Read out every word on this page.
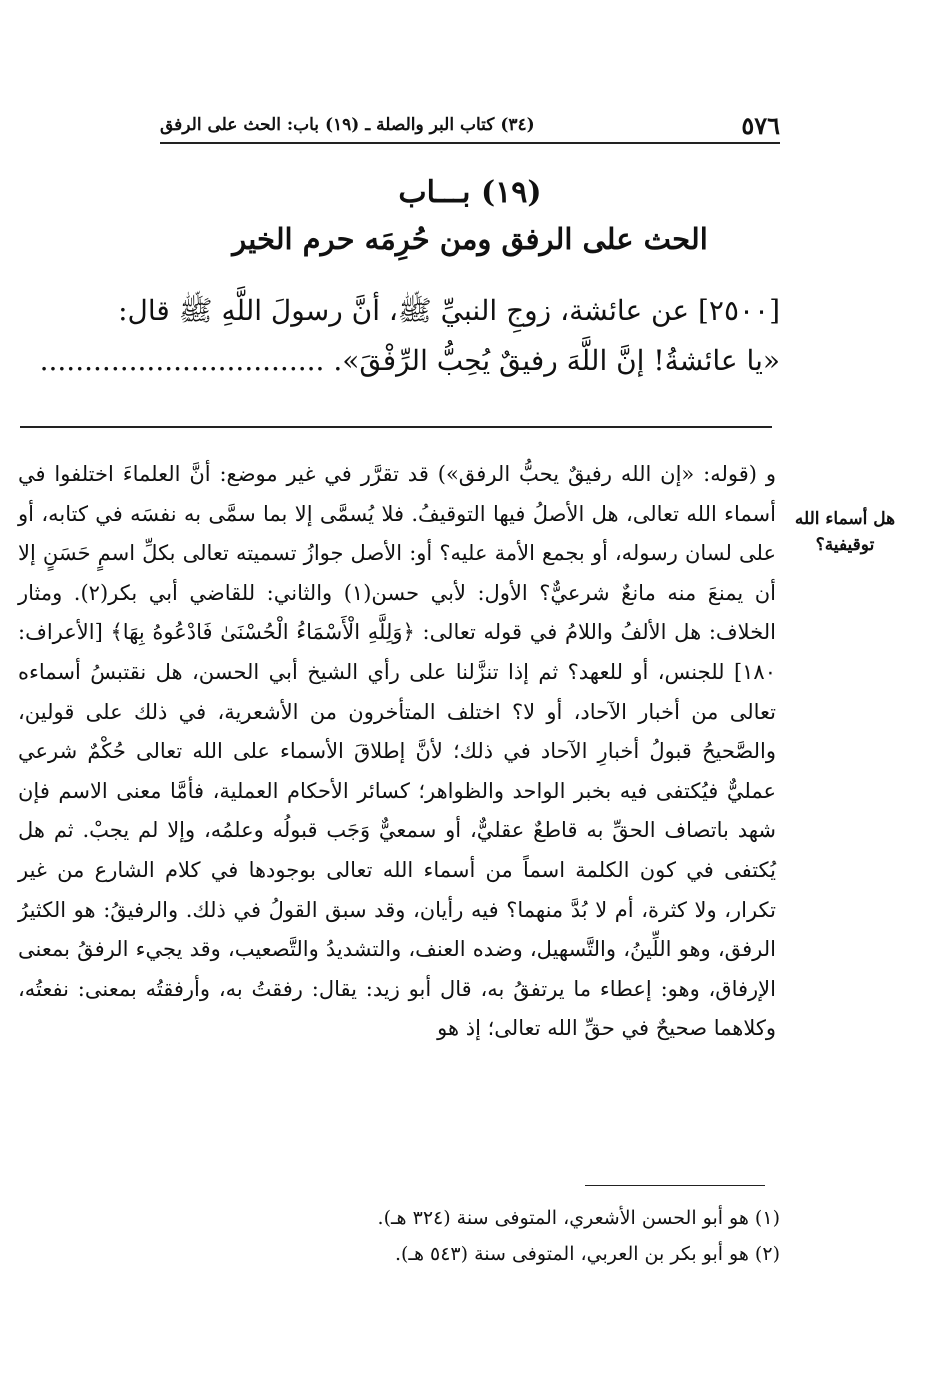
٥٧٦
(٣٤) كتاب البر والصلة ـ (١٩) باب: الحث على الرفق
(١٩) بـــاب
الحث على الرفق ومن حُرِمَه حرم الخير

[٢٥٠٠] عن عائشة، زوجِ النبيِّ ﷺ، أنَّ رسولَ اللَّهِ ﷺ قال:

«يا عائشةُ! إنَّ اللَّهَ رفيقٌ يُحِبُّ الرِّفْقَ». ................................

هل أسماء الله
توقيفية؟

و (قوله: «إن الله رفيقٌ يحبُّ الرفق») قد تقرَّر في غير موضع: أنَّ العلماءَ اختلفوا في أسماء الله تعالى، هل الأصلُ فيها التوقيفُ. فلا يُسمَّى إلا بما سمَّى به نفسَه في كتابه، أو على لسان رسوله، أو بجمع الأمة عليه؟ أو: الأصل جوازُ تسميته تعالى بكلِّ اسمٍ حَسَنٍ إلا أن يمنعَ منه مانعٌ شرعيٌّ؟ الأول: لأبي حسن(١) والثاني: للقاضي أبي بكر(٢). ومثار الخلاف: هل الألفُ واللامُ في قوله تعالى: ﴿وَلِلَّهِ الْأَسْمَاءُ الْحُسْنَىٰ فَادْعُوهُ بِهَا﴾ [الأعراف: ١٨٠] للجنس، أو للعهد؟ ثم إذا تنزَّلنا على رأي الشيخ أبي الحسن، هل نقتبسُ أسماءه تعالى من أخبار الآحاد، أو لا؟ اختلف المتأخرون من الأشعرية، في ذلك على قولين، والصَّحيحُ قبولُ أخبارِ الآحاد في ذلك؛ لأنَّ إطلاقَ الأسماء على الله تعالى حُكْمٌ شرعي عمليٌّ فيُكتفى فيه بخبر الواحد والظواهر؛ كسائر الأحكام العملية، فأمَّا معنى الاسم فإن شهد باتصاف الحقِّ به قاطعٌ عقليٌّ، أو سمعيٌّ وَجَب قبولُه وعلمُه، وإلا لم يجبْ. ثم هل يُكتفى في كون الكلمة اسماً من أسماء الله تعالى بوجودها في كلام الشارع من غير تكرار، ولا كثرة، أم لا بُدَّ منهما؟ فيه رأيان، وقد سبق القولُ في ذلك. والرفيقُ: هو الكثيرُ الرفق، وهو اللِّينُ، والتَّسهيل، وضده العنف، والتشديدُ والتَّصعيب، وقد يجيء الرفقُ بمعنى الإرفاق، وهو: إعطاء ما يرتفقُ به، قال أبو زيد: يقال: رفقتُ به، وأرفقتُه بمعنى: نفعتُه، وكلاهما صحيحٌ في حقِّ الله تعالى؛ إذ هو

(١) هو أبو الحسن الأشعري، المتوفى سنة (٣٢٤ هـ).
(٢) هو أبو بكر بن العربي، المتوفى سنة (٥٤٣ هـ).
